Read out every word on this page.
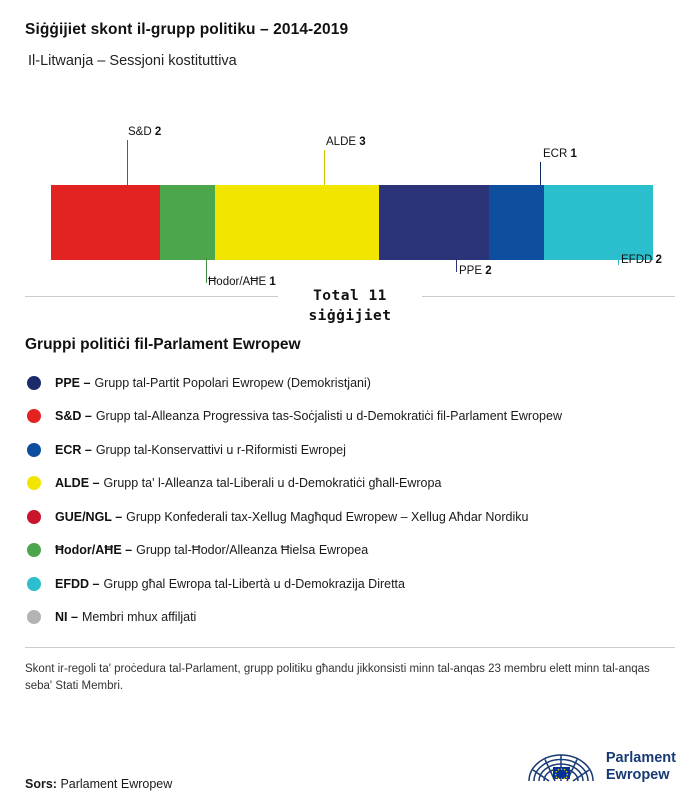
Siġġijiet skont il-grupp politiku – 2014-2019
Il-Litwanja – Sessjoni kostituttiva
S&D 2
ALDE 3
ECR 1
Ħodor/AĦE 1
PPE 2
EFDD 2
Total 11
siġġijiet
Gruppi politiċi fil-Parlament Ewropew
PPE – Grupp tal-Partit Popolari Ewropew (Demokristjani)
S&D – Grupp tal-Alleanza Progressiva tas-Soċjalisti u d-Demokratiċi fil-Parlament Ewropew
ECR – Grupp tal-Konservattivi u r-Riformisti Ewropej
ALDE – Grupp ta' l-Alleanza tal-Liberali u d-Demokratiċi għall-Ewropa
GUE/NGL – Grupp Konfederali tax-Xellug Magħqud Ewropew – Xellug Aħdar Nordiku
Ħodor/AĦE – Grupp tal-Ħodor/Alleanza Ħielsa Ewropea
EFDD – Grupp għal Ewropa tal-Libertà u d-Demokrazija Diretta
NI – Membri mhux affiljati
Skont ir-regoli ta' proċedura tal-Parlament, grupp politiku għandu jikkonsisti minn tal-anqas 23 membru elett minn tal-anqas seba' Stati Membri.
Sors: Parlament Ewropew
Parlament
Ewropew
